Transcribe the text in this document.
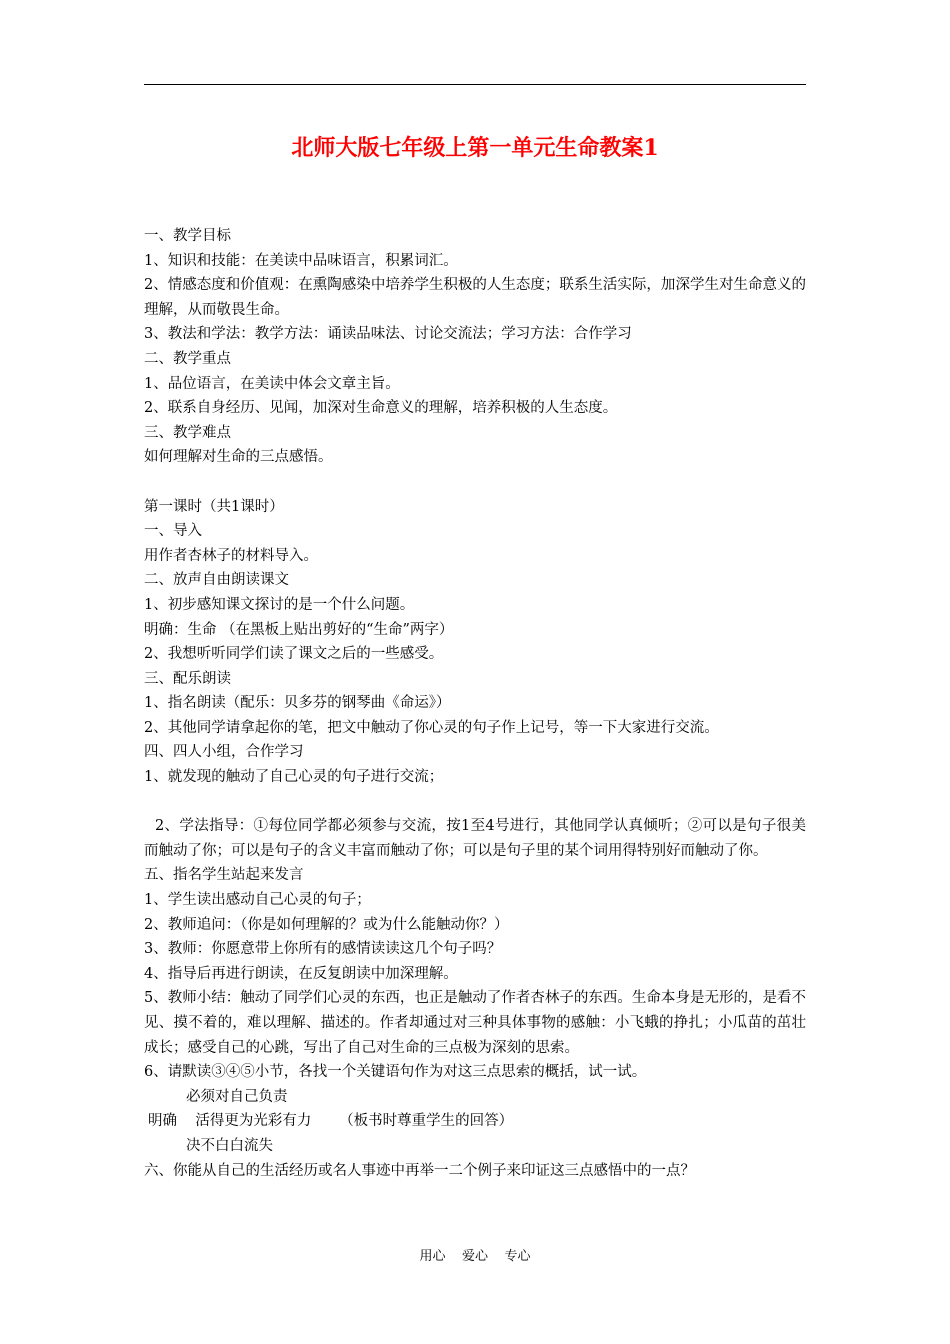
北师大版七年级上第一单元生命教案1
一、教学目标
1、知识和技能：在美读中品味语言，积累词汇。
2、情感态度和价值观：在熏陶感染中培养学生积极的人生态度；联系生活实际，加深学生对生命意义的理解，从而敬畏生命。
3、教法和学法：教学方法：诵读品味法、讨论交流法；学习方法：合作学习
二、教学重点
1、品位语言，在美读中体会文章主旨。
2、联系自身经历、见闻，加深对生命意义的理解，培养积极的人生态度。
三、教学难点
如何理解对生命的三点感悟。
第一课时（共1课时）
一、导入
用作者杏林子的材料导入。
二、放声自由朗读课文
1、初步感知课文探讨的是一个什么问题。
明确：生命 （在黑板上贴出剪好的“生命”两字）
2、我想听听同学们读了课文之后的一些感受。
三、配乐朗读
1、指名朗读（配乐：贝多芬的钢琴曲《命运》）
2、其他同学请拿起你的笔，把文中触动了你心灵的句子作上记号，等一下大家进行交流。
四、四人小组，合作学习
1、就发现的触动了自己心灵的句子进行交流；
2、学法指导：①每位同学都必须参与交流，按1至4号进行，其他同学认真倾听；②可以是句子很美而触动了你；可以是句子的含义丰富而触动了你；可以是句子里的某个词用得特别好而触动了你。
五、指名学生站起来发言
1、学生读出感动自己心灵的句子；
2、教师追问：（你是如何理解的？或为什么能触动你？）
3、教师：你愿意带上你所有的感情读读这几个句子吗？
4、指导后再进行朗读，在反复朗读中加深理解。
5、教师小结：触动了同学们心灵的东西，也正是触动了作者杏林子的东西。生命本身是无形的，是看不见、摸不着的，难以理解、描述的。作者却通过对三种具体事物的感触：小飞蛾的挣扎；小瓜苗的茁壮成长；感受自己的心跳，写出了自己对生命的三点极为深刻的思索。
6、请默读③④⑤小节，各找一个关键语句作为对这三点思索的概括，试一试。
必须对自己负责
明确    活得更为光彩有力      （板书时尊重学生的回答）
决不白白流失
六、你能从自己的生活经历或名人事迹中再举一二个例子来印证这三点感悟中的一点？
用心    爱心    专心
